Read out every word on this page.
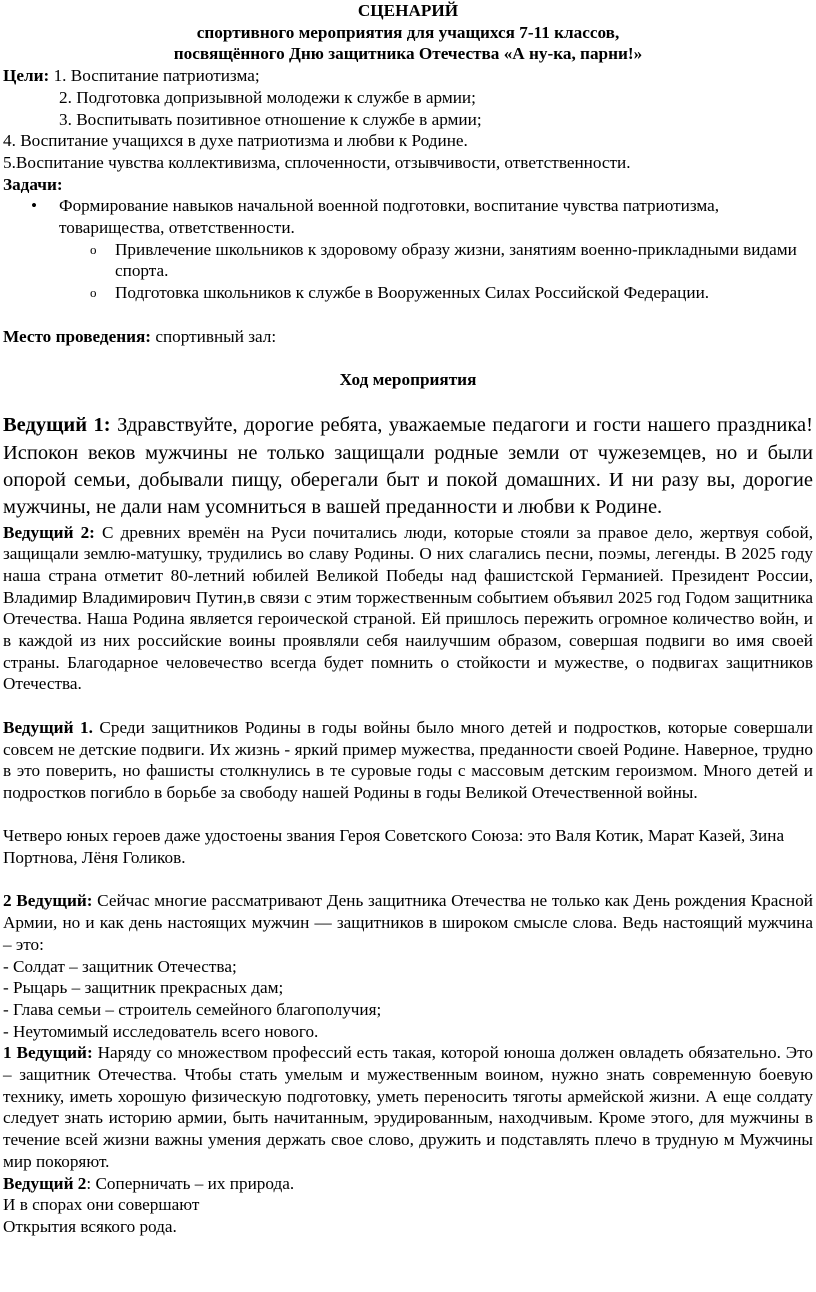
СЦЕНАРИЙ

спортивного мероприятия для учащихся 7-11 классов,

посвящённого Дню защитника Отечества «А ну-ка, парни!»

Цели: 1. Воспитание патриотизма;

2. Подготовка допризывной молодежи к службе в армии;

3. Воспитывать позитивное отношение к службе в армии;

4. Воспитание учащихся в духе патриотизма и любви к Родине.

5.Воспитание чувства коллективизма, сплоченности, отзывчивости, ответственности.

Задачи:

• Формирование навыков начальной военной подготовки, воспитание чувства патриотизма, товарищества, ответственности.
o Привлечение школьников к здоровому образу жизни, занятиям военно-прикладными видами спорта.
o Подготовка школьников к службе в Вооруженных Силах Российской Федерации.

Место проведения: спортивный зал:

Ход мероприятия

Ведущий 1: Здравствуйте, дорогие ребята, уважаемые педагоги и гости нашего праздника! Испокон веков мужчины не только защищали родные земли от чужеземцев, но и были опорой семьи, добывали пищу, оберегали быт и покой домашних. И ни разу вы, дорогие мужчины, не дали нам усомниться в вашей преданности и любви к Родине.

Ведущий 2: С древних времён на Руси почитались люди, которые стояли за правое дело, жертвуя собой, защищали землю-матушку, трудились во славу Родины. О них слагались песни, поэмы, легенды. В 2025 году наша страна отметит 80-летний юбилей Великой Победы над фашистской Германией. Президент России, Владимир Владимирович Путин,в связи с этим торжественным событием объявил 2025 год Годом защитника Отечества. Наша Родина является героической страной. Ей пришлось пережить огромное количество войн, и в каждой из них российские воины проявляли себя наилучшим образом, совершая подвиги во имя своей страны. Благодарное человечество всегда будет помнить о стойкости и мужестве, о подвигах защитников Отечества.

Ведущий 1. Среди защитников Родины в годы войны было много детей и подростков, которые совершали совсем не детские подвиги. Их жизнь - яркий пример мужества, преданности своей Родине. Наверное, трудно в это поверить, но фашисты столкнулись в те суровые годы с массовым детским героизмом. Много детей и подростков погибло в борьбе за свободу нашей Родины в годы Великой Отечественной войны.

Четверо юных героев даже удостоены звания Героя Советского Союза: это Валя Котик, Марат Казей, Зина Портнова, Лёня Голиков.

2 Ведущий: Сейчас многие рассматривают День защитника Отечества не только как День рождения Красной Армии, но и как день настоящих мужчин — защитников в широком смысле слова. Ведь настоящий мужчина – это:

- Солдат – защитник Отечества;

- Рыцарь – защитник прекрасных дам;

- Глава семьи – строитель семейного благополучия;

- Неутомимый исследователь всего нового.

1 Ведущий: Наряду со множеством профессий есть такая, которой юноша должен овладеть обязательно. Это – защитник Отечества. Чтобы стать умелым и мужественным воином, нужно знать современную боевую технику, иметь хорошую физическую подготовку, уметь переносить тяготы армейской жизни. А еще солдату следует знать историю армии, быть начитанным, эрудированным, находчивым. Кроме этого, для мужчины в течение всей жизни важны умения держать свое слово, дружить и подставлять плечо в трудную м Мужчины мир покоряют.

Ведущий 2: Соперничать – их природа.

И в спорах они совершают

Открытия всякого рода.
